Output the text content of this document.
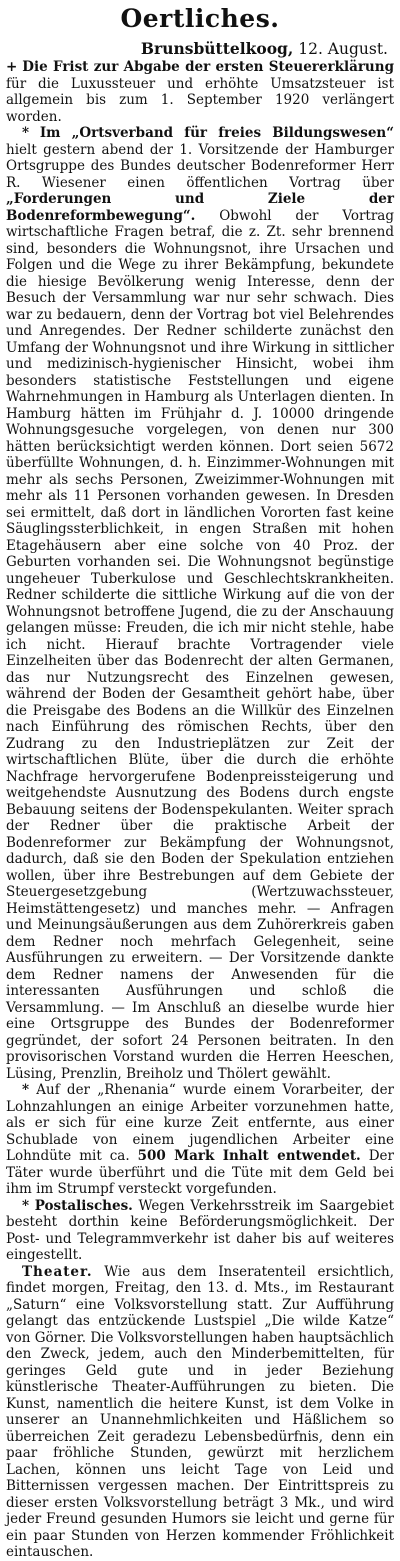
Oertliches.
Brunsbüttelkoog, 12. August.

+ Die Frist zur Abgabe der ersten Steuererklärung für die Luxussteuer und erhöhte Umsatzsteuer ist allgemein bis zum 1. September 1920 verlängert worden.

* Im „Ortsverband für freies Bildungswesen“ hielt gestern abend der 1. Vorsitzende der Hamburger Ortsgruppe des Bundes deutscher Bodenreformer Herr R. Wiesener einen öffentlichen Vortrag über „Forderungen und Ziele der Bodenreformbewegung“. Obwohl der Vortrag wirtschaftliche Fragen betraf, die z. Zt. sehr brennend sind, besonders die Wohnungsnot, ihre Ursachen und Folgen und die Wege zu ihrer Bekämpfung, bekundete die hiesige Bevölkerung wenig Interesse, denn der Besuch der Versammlung war nur sehr schwach. Dies war zu bedauern, denn der Vortrag bot viel Belehrendes und Anregendes. Der Redner schilderte zunächst den Umfang der Wohnungsnot und ihre Wirkung in sittlicher und medizinisch-hygienischer Hinsicht, wobei ihm besonders statistische Feststellungen und eigene Wahrnehmungen in Hamburg als Unterlagen dienten. In Hamburg hätten im Frühjahr d. J. 10000 dringende Wohnungsgesuche vorgelegen, von denen nur 300 hätten berücksichtigt werden können. Dort seien 5672 überfüllte Wohnungen, d. h. Einzimmer-Wohnungen mit mehr als sechs Personen, Zweizimmer-Wohnungen mit mehr als 11 Personen vorhanden gewesen. In Dresden sei ermittelt, daß dort in ländlichen Vororten fast keine Säuglingssterblichkeit, in engen Straßen mit hohen Etagehäusern aber eine solche von 40 Proz. der Geburten vorhanden sei. Die Wohnungsnot begünstige ungeheuer Tuberkulose und Geschlechtskrankheiten. Redner schilderte die sittliche Wirkung auf die von der Wohnungsnot betroffene Jugend, die zu der Anschauung gelangen müsse: Freuden, die ich mir nicht stehle, habe ich nicht. Hierauf brachte Vortragender viele Einzelheiten über das Bodenrecht der alten Germanen, das nur Nutzungsrecht des Einzelnen gewesen, während der Boden der Gesamtheit gehört habe, über die Preisgabe des Bodens an die Willkür des Einzelnen nach Einführung des römischen Rechts, über den Zudrang zu den Industrieplätzen zur Zeit der wirtschaftlichen Blüte, über die durch die erhöhte Nachfrage hervorgerufene Bodenpreissteigerung und weitgehendste Ausnutzung des Bodens durch engste Bebauung seitens der Bodenspekulanten. Weiter sprach der Redner über die praktische Arbeit der Bodenreformer zur Bekämpfung der Wohnungsnot, dadurch, daß sie den Boden der Spekulation entziehen wollen, über ihre Bestrebungen auf dem Gebiete der Steuergesetzgebung (Wertzuwachssteuer, Heimstättengesetz) und manches mehr. — Anfragen und Meinungsäußerungen aus dem Zuhörerkreis gaben dem Redner noch mehrfach Gelegenheit, seine Ausführungen zu erweitern. — Der Vorsitzende dankte dem Redner namens der Anwesenden für die interessanten Ausführungen und schloß die Versammlung. — Im Anschluß an dieselbe wurde hier eine Ortsgruppe des Bundes der Bodenreformer gegründet, der sofort 24 Personen beitraten. In den provisorischen Vorstand wurden die Herren Heeschen, Lüsing, Prenzlin, Breiholz und Thölert gewählt.

* Auf der „Rhenania“ wurde einem Vorarbeiter, der Lohnzahlungen an einige Arbeiter vorzunehmen hatte, als er sich für eine kurze Zeit entfernte, aus einer Schublade von einem jugendlichen Arbeiter eine Lohndüte mit ca. 500 Mark Inhalt entwendet. Der Täter wurde überführt und die Tüte mit dem Geld bei ihm im Strumpf versteckt vorgefunden.

* Postalisches. Wegen Verkehrsstreik im Saargebiet besteht dorthin keine Beförderungsmöglichkeit. Der Post- und Telegrammverkehr ist daher bis auf weiteres eingestellt.

Theater. Wie aus dem Inseratenteil ersichtlich, findet morgen, Freitag, den 13. d. Mts., im Restaurant „Saturn“ eine Volksvorstellung statt. Zur Aufführung gelangt das entzückende Lustspiel „Die wilde Katze“ von Görner. Die Volksvorstellungen haben hauptsächlich den Zweck, jedem, auch den Minderbemittelten, für geringes Geld gute und in jeder Beziehung künstlerische Theater-Aufführungen zu bieten. Die Kunst, namentlich die heitere Kunst, ist dem Volke in unserer an Unannehmlichkeiten und Häßlichem so überreichen Zeit geradezu Lebensbedürfnis, denn ein paar fröhliche Stunden, gewürzt mit herzlichem Lachen, können uns leicht Tage von Leid und Bitternissen vergessen machen. Der Eintrittspreis zu dieser ersten Volksvorstellung beträgt 3 Mk., und wird jeder Freund gesunden Humors sie leicht und gerne für ein paar Stunden von Herzen kommender Fröhlichkeit eintauschen.
